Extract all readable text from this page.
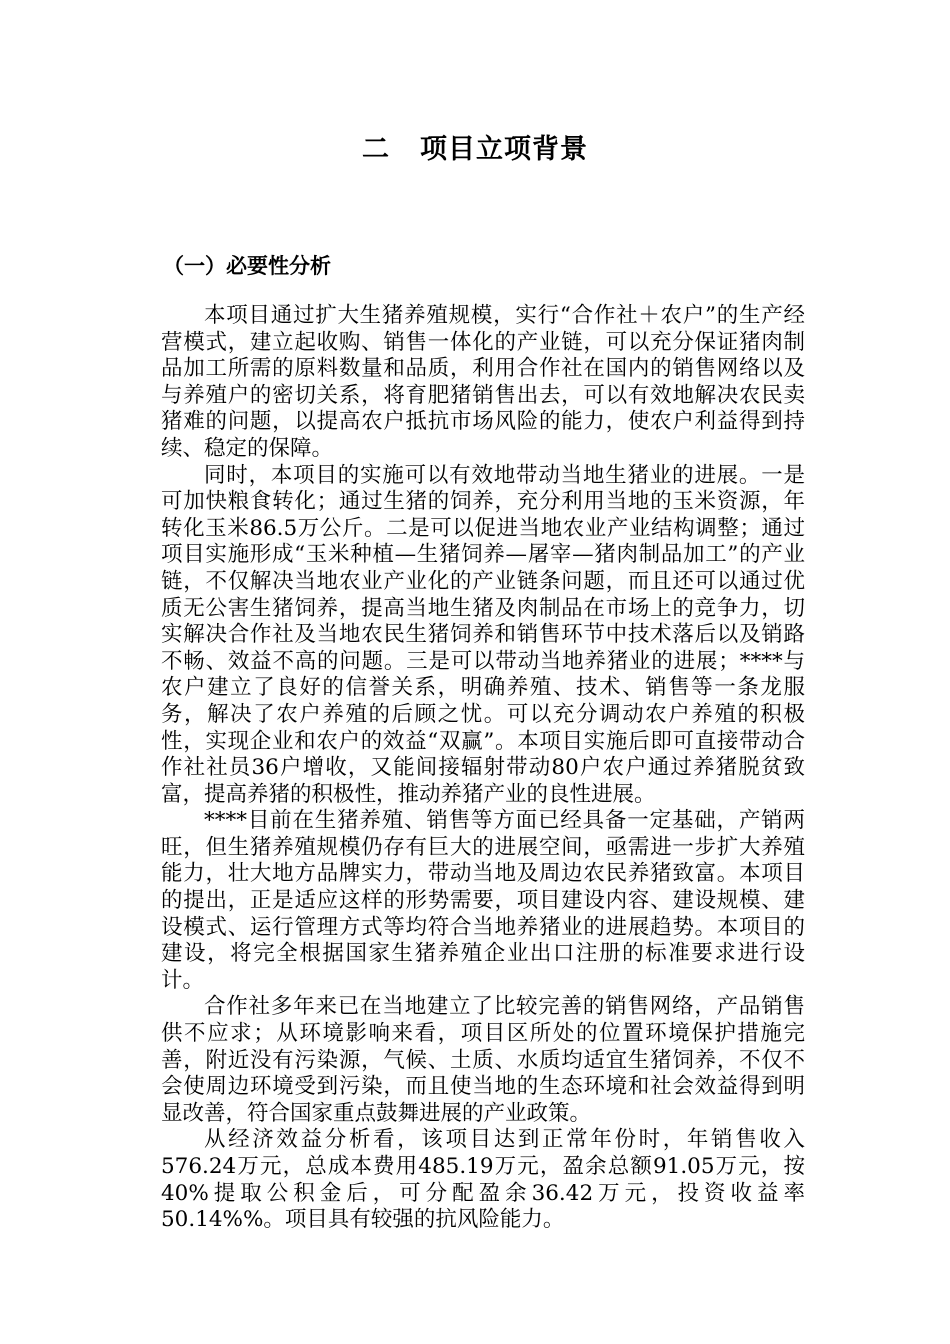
二 项目立项背景
（一）必要性分析

本项目通过扩大生猪养殖规模，实行“合作社＋农户”的生产经营模式，建立起收购、销售一体化的产业链，可以充分保证猪肉制品加工所需的原料数量和品质，利用合作社在国内的销售网络以及与养殖户的密切关系，将育肥猪销售出去，可以有效地解决农民卖猪难的问题，以提高农户抵抗市场风险的能力，使农户利益得到持续、稳定的保障。

同时，本项目的实施可以有效地带动当地生猪业的进展。一是可加快粮食转化；通过生猪的饲养，充分利用当地的玉米资源，年转化玉米86.5万公斤。二是可以促进当地农业产业结构调整；通过项目实施形成“玉米种植—生猪饲养—屠宰—猪肉制品加工”的产业链，不仅解决当地农业产业化的产业链条问题，而且还可以通过优质无公害生猪饲养，提高当地生猪及肉制品在市场上的竞争力，切实解决合作社及当地农民生猪饲养和销售环节中技术落后以及销路不畅、效益不高的问题。三是可以带动当地养猪业的进展；****与农户建立了良好的信誉关系，明确养殖、技术、销售等一条龙服务，解决了农户养殖的后顾之忧。可以充分调动农户养殖的积极性，实现企业和农户的效益“双赢”。本项目实施后即可直接带动合作社社员36户增收，又能间接辐射带动80户农户通过养猪脱贫致富，提高养猪的积极性，推动养猪产业的良性进展。

****目前在生猪养殖、销售等方面已经具备一定基础，产销两旺，但生猪养殖规模仍存有巨大的进展空间，亟需进一步扩大养殖能力，壮大地方品牌实力，带动当地及周边农民养猪致富。本项目的提出，正是适应这样的形势需要，项目建设内容、建设规模、建设模式、运行管理方式等均符合当地养猪业的进展趋势。本项目的建设，将完全根据国家生猪养殖企业出口注册的标准要求进行设计。

合作社多年来已在当地建立了比较完善的销售网络，产品销售供不应求；从环境影响来看，项目区所处的位置环境保护措施完善，附近没有污染源，气候、土质、水质均适宜生猪饲养，不仅不会使周边环境受到污染，而且使当地的生态环境和社会效益得到明显改善，符合国家重点鼓舞进展的产业政策。

从经济效益分析看，该项目达到正常年份时，年销售收入576.24万元，总成本费用485.19万元，盈余总额91.05万元，按40%提取公积金后，可分配盈余36.42万元，投资收益率50.14%%。项目具有较强的抗风险能力。
